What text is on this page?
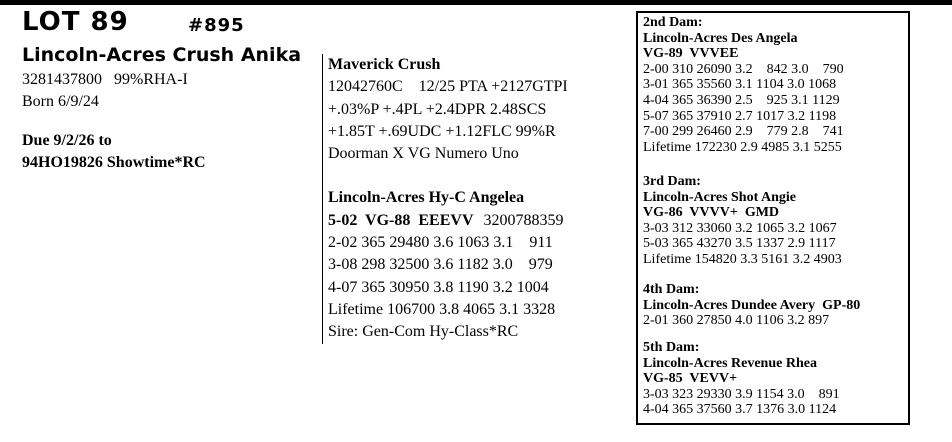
LOT 89	#895
Lincoln-Acres Crush Anika
3281437800   99%RHA-I
Born 6/9/24
Due 9/2/26 to
94HO19826 Showtime*RC
Maverick Crush
12042760C    12/25 PTA +2127GTPI
+.03%P +.4PL +2.4DPR 2.48SCS
+1.85T +.69UDC +1.12FLC 99%R
Doorman X VG Numero Uno
Lincoln-Acres Hy-C Angelea
5-02  VG-88  EEEVV 3200788359
2-02 365 29480 3.6 1063 3.1    911
3-08 298 32500 3.6 1182 3.0    979
4-07 365 30950 3.8 1190 3.2 1004
Lifetime 106700 3.8 4065 3.1 3328
Sire: Gen-Com Hy-Class*RC
2nd Dam:
Lincoln-Acres Des Angela
VG-89  VVVEE
2-00 310 26090 3.2    842 3.0    790
3-01 365 35560 3.1 1104 3.0 1068
4-04 365 36390 2.5    925 3.1 1129
5-07 365 37910 2.7 1017 3.2 1198
7-00 299 26460 2.9    779 2.8    741
Lifetime 172230 2.9 4985 3.1 5255
3rd Dam:
Lincoln-Acres Shot Angie
VG-86  VVVV+  GMD
3-03 312 33060 3.2 1065 3.2 1067
5-03 365 43270 3.5 1337 2.9 1117
Lifetime 154820 3.3 5161 3.2 4903
4th Dam:
Lincoln-Acres Dundee Avery  GP-80
2-01 360 27850 4.0 1106 3.2 897
5th Dam:
Lincoln-Acres Revenue Rhea
VG-85  VEVV+
3-03 323 29330 3.9 1154 3.0    891
4-04 365 37560 3.7 1376 3.0 1124
